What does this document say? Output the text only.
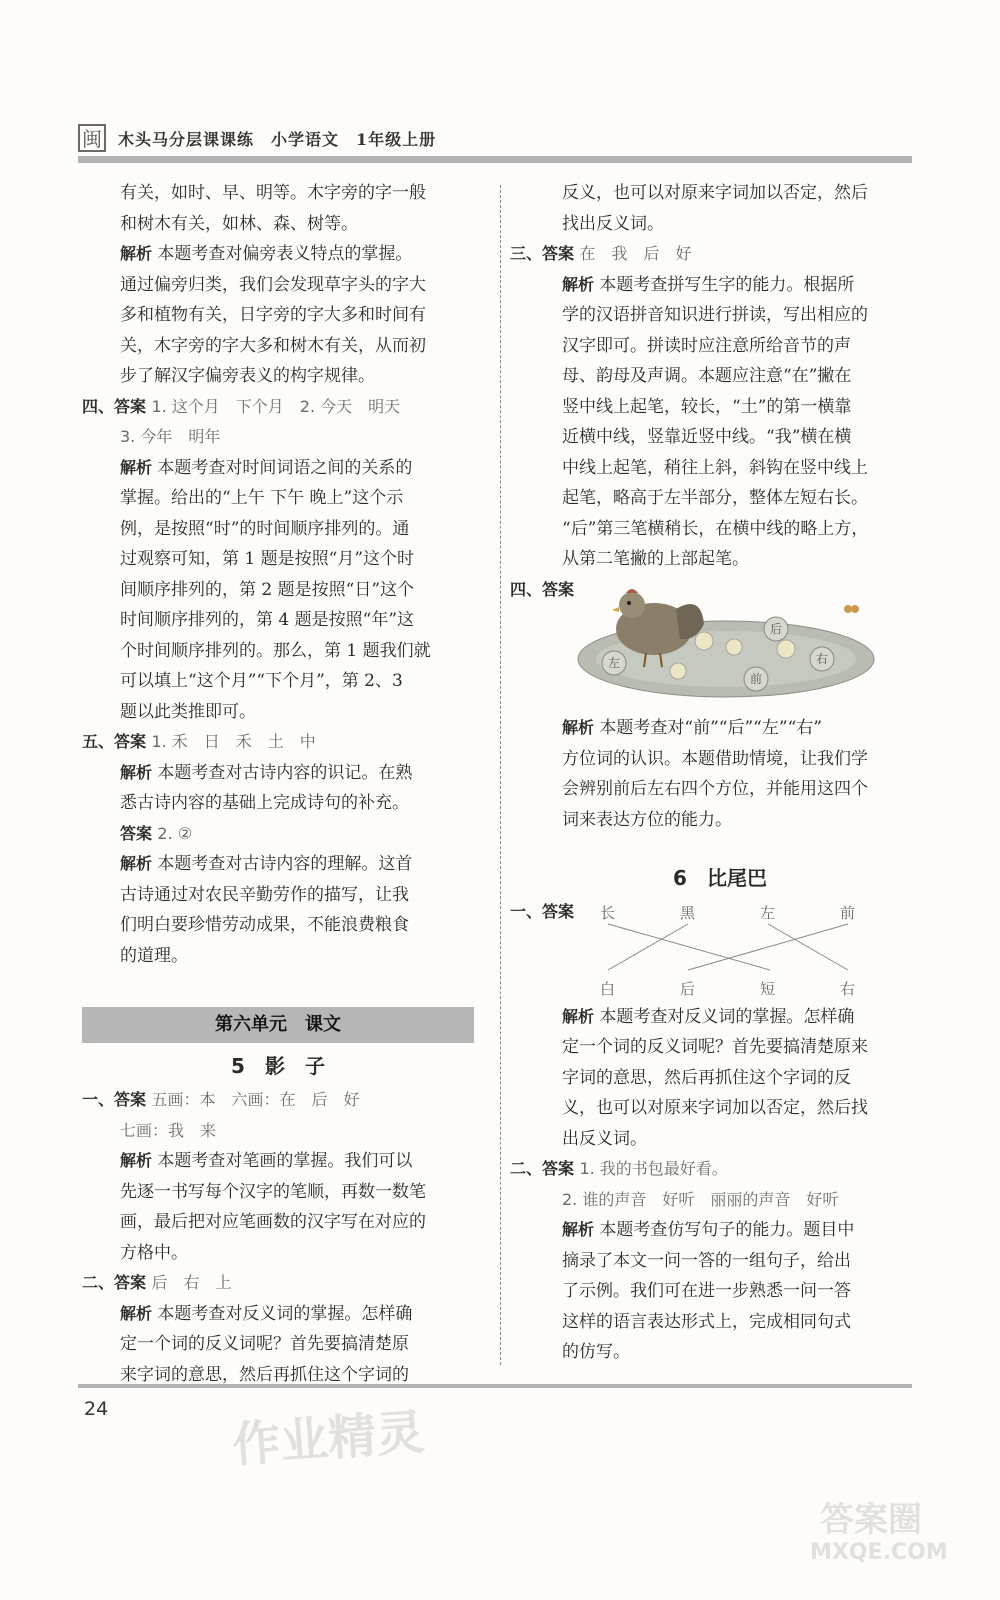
闽 木头马分层课课练　小学语文　1年级上册

有关，如时、早、明等。木字旁的字一般

和树木有关，如林、森、树等。

解析 本题考查对偏旁表义特点的掌握。

通过偏旁归类，我们会发现草字头的字大

多和植物有关，日字旁的字大多和时间有

关，木字旁的字大多和树木有关，从而初

步了解汉字偏旁表义的构字规律。

四、答案 1. 这个月　下个月　2. 今天　明天

3. 今年　明年

解析 本题考查对时间词语之间的关系的

掌握。给出的“上午 下午 晚上”这个示

例，是按照“时”的时间顺序排列的。通

过观察可知，第 1 题是按照“月”这个时

间顺序排列的，第 2 题是按照“日”这个

时间顺序排列的，第 4 题是按照“年”这

个时间顺序排列的。那么，第 1 题我们就

可以填上“这个月”“下个月”，第 2、3

题以此类推即可。

五、答案 1. 禾　日　禾　土　中

解析 本题考查对古诗内容的识记。在熟

悉古诗内容的基础上完成诗句的补充。

答案 2. ②

解析 本题考查对古诗内容的理解。这首

古诗通过对农民辛勤劳作的描写，让我

们明白要珍惜劳动成果，不能浪费粮食

的道理。

第六单元　课文
5　影　子

一、答案 五画：本　六画：在　后　好

七画：我　来

解析 本题考查对笔画的掌握。我们可以

先逐一书写每个汉字的笔顺，再数一数笔

画，最后把对应笔画数的汉字写在对应的

方格中。

二、答案 后　右　上

解析 本题考查对反义词的掌握。怎样确

定一个词的反义词呢？首先要搞清楚原

来字词的意思，然后再抓住这个字词的

反义，也可以对原来字词加以否定，然后

找出反义词。

三、答案 在　我　后　好

解析 本题考查拼写生字的能力。根据所

学的汉语拼音知识进行拼读，写出相应的

汉字即可。拼读时应注意所给音节的声

母、韵母及声调。本题应注意“在”撇在

竖中线上起笔，较长，“土”的第一横靠

近横中线，竖靠近竖中线。“我”横在横

中线上起笔，稍往上斜，斜钩在竖中线上

起笔，略高于左半部分，整体左短右长。

“后”第三笔横稍长，在横中线的略上方，

从第二笔撇的上部起笔。

四、答案

后
左
前
右

解析 本题考查对“前”“后”“左”“右”

方位词的认识。本题借助情境，让我们学

会辨别前后左右四个方位，并能用这四个

词来表达方位的能力。

6　比尾巴

一、答案	长	黑	左	前
白	后	短	右

解析 本题考查对反义词的掌握。怎样确

定一个词的反义词呢？首先要搞清楚原来

字词的意思，然后再抓住这个字词的反

义，也可以对原来字词加以否定，然后找

出反义词。

二、答案 1. 我的书包最好看。

2. 谁的声音　好听　丽丽的声音　好听

解析 本题考查仿写句子的能力。题目中

摘录了本文一问一答的一组句子，给出

了示例。我们可在进一步熟悉一问一答

这样的语言表达形式上，完成相同句式

的仿写。

24	作业精灵
答案圈
MXQE.COM
